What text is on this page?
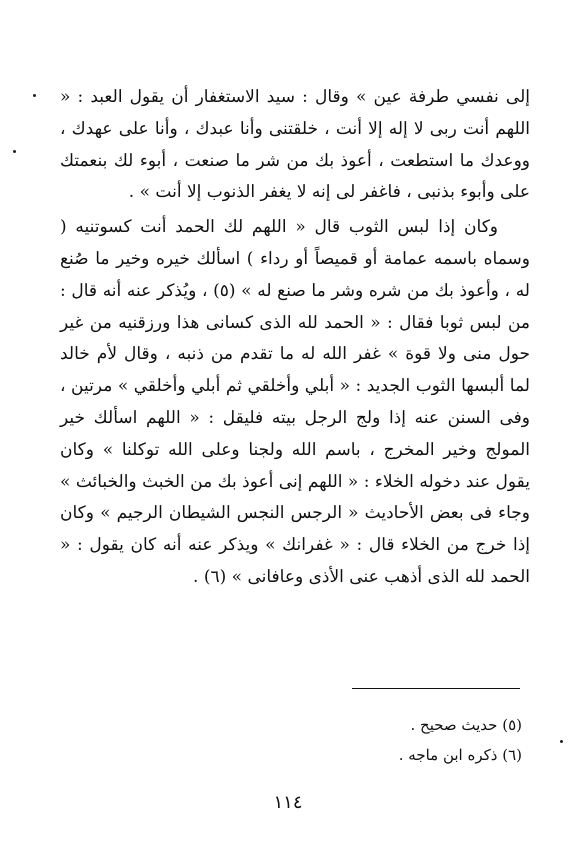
إلى نفسي طرفة عين » وقال : سيد الاستغفار أن يقول العبد : « اللهم أنت ربى لا إله إلا أنت ، خلقتنى وأنا عبدك ، وأنا على عهدك ، ووعدك ما استطعت ، أعوذ بك من شر ما صنعت ، أبوء لك بنعمتك على وأبوء بذنبى ، فاغفر لى إنه لا يغفر الذنوب إلا أنت » .

وكان إذا لبس الثوب قال « اللهم لك الحمد أنت كسوتنيه ( وسماه باسمه عمامة أو قميصاً أو رداء ) اسألك خيره وخير ما صُنع له ، وأعوذ بك من شره وشر ما صنع له » (٥) ، ويُذكر عنه أنه قال : من لبس ثوبا فقال : « الحمد لله الذى كسانى هذا ورزقنيه من غير حول منى ولا قوة » غفر الله له ما تقدم من ذنبه ، وقال لأم خالد لما ألبسها الثوب الجديد : « أبلي وأخلقي ثم أبلي وأخلقي » مرتين ، وفى السنن عنه إذا ولج الرجل بيته فليقل : « اللهم اسألك خير المولج وخير المخرج ، باسم الله ولجنا وعلى الله توكلنا » وكان يقول عند دخوله الخلاء : « اللهم إنى أعوذ بك من الخبث والخبائث » وجاء فى بعض الأحاديث « الرجس النجس الشيطان الرجيم » وكان إذا خرج من الخلاء قال : « غفرانك » ويذكر عنه أنه كان يقول : « الحمد لله الذى أذهب عنى الأذى وعافانى » (٦) .

(٥) حديث صحيح .

(٦) ذكره ابن ماجه .

١١٤
